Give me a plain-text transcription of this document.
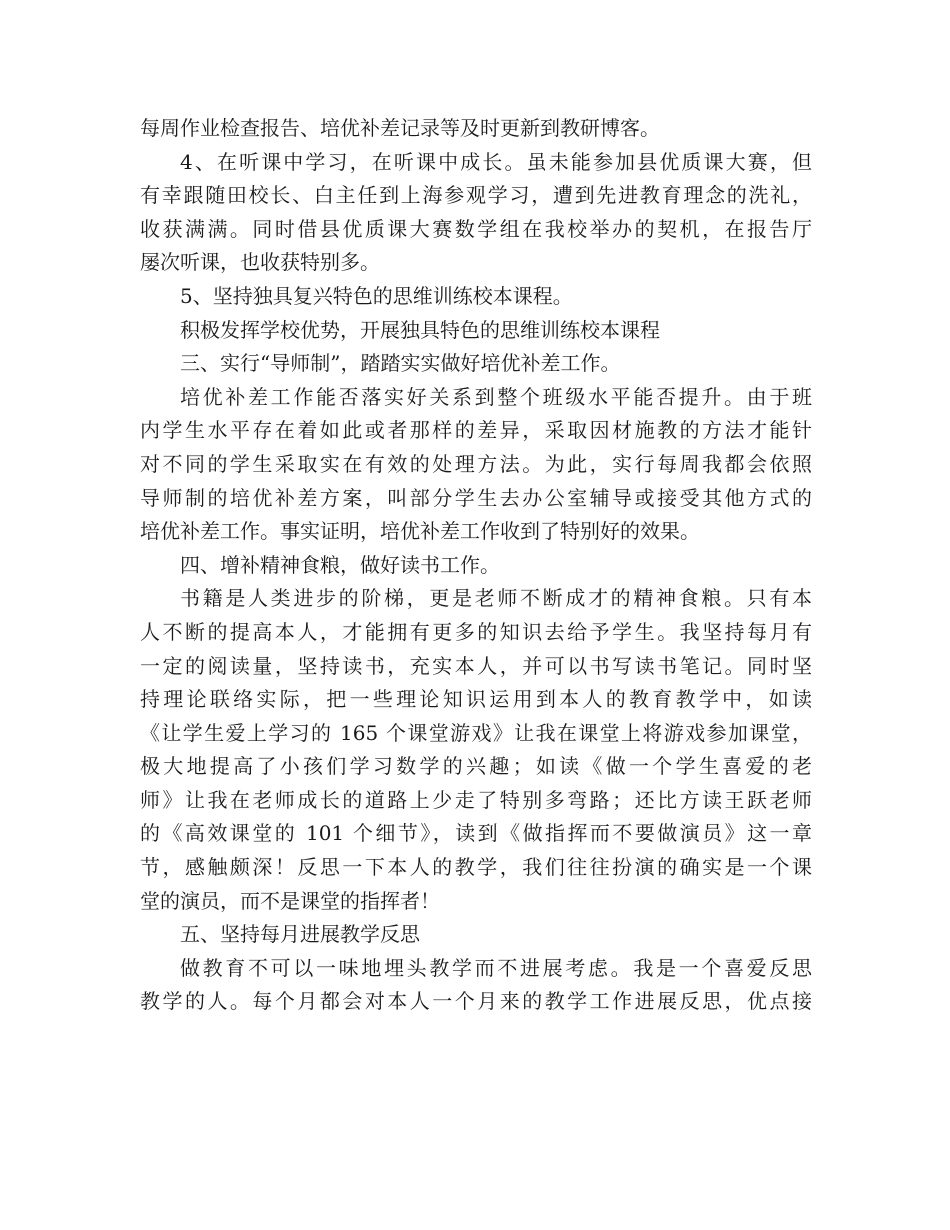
每周作业检查报告、培优补差记录等及时更新到教研博客。
4、在听课中学习，在听课中成长。虽未能参加县优质课大赛，但
有幸跟随田校长、白主任到上海参观学习，遭到先进教育理念的洗礼，
收获满满。同时借县优质课大赛数学组在我校举办的契机，在报告厅
屡次听课，也收获特别多。
5、坚持独具复兴特色的思维训练校本课程。
积极发挥学校优势，开展独具特色的思维训练校本课程
三、实行“导师制”，踏踏实实做好培优补差工作。
培优补差工作能否落实好关系到整个班级水平能否提升。由于班
内学生水平存在着如此或者那样的差异，采取因材施教的方法才能针
对不同的学生采取实在有效的处理方法。为此，实行每周我都会依照
导师制的培优补差方案，叫部分学生去办公室辅导或接受其他方式的
培优补差工作。事实证明，培优补差工作收到了特别好的效果。
四、增补精神食粮，做好读书工作。
书籍是人类进步的阶梯，更是老师不断成才的精神食粮。只有本
人不断的提高本人，才能拥有更多的知识去给予学生。我坚持每月有
一定的阅读量，坚持读书，充实本人，并可以书写读书笔记。同时坚
持理论联络实际，把一些理论知识运用到本人的教育教学中，如读
《让学生爱上学习的 165 个课堂游戏》让我在课堂上将游戏参加课堂，
极大地提高了小孩们学习数学的兴趣；如读《做一个学生喜爱的老
师》让我在老师成长的道路上少走了特别多弯路；还比方读王跃老师
的《高效课堂的 101 个细节》，读到《做指挥而不要做演员》这一章
节，感触颇深！反思一下本人的教学，我们往往扮演的确实是一个课
堂的演员，而不是课堂的指挥者！
五、坚持每月进展教学反思
做教育不可以一味地埋头教学而不进展考虑。我是一个喜爱反思
教学的人。每个月都会对本人一个月来的教学工作进展反思，优点接
